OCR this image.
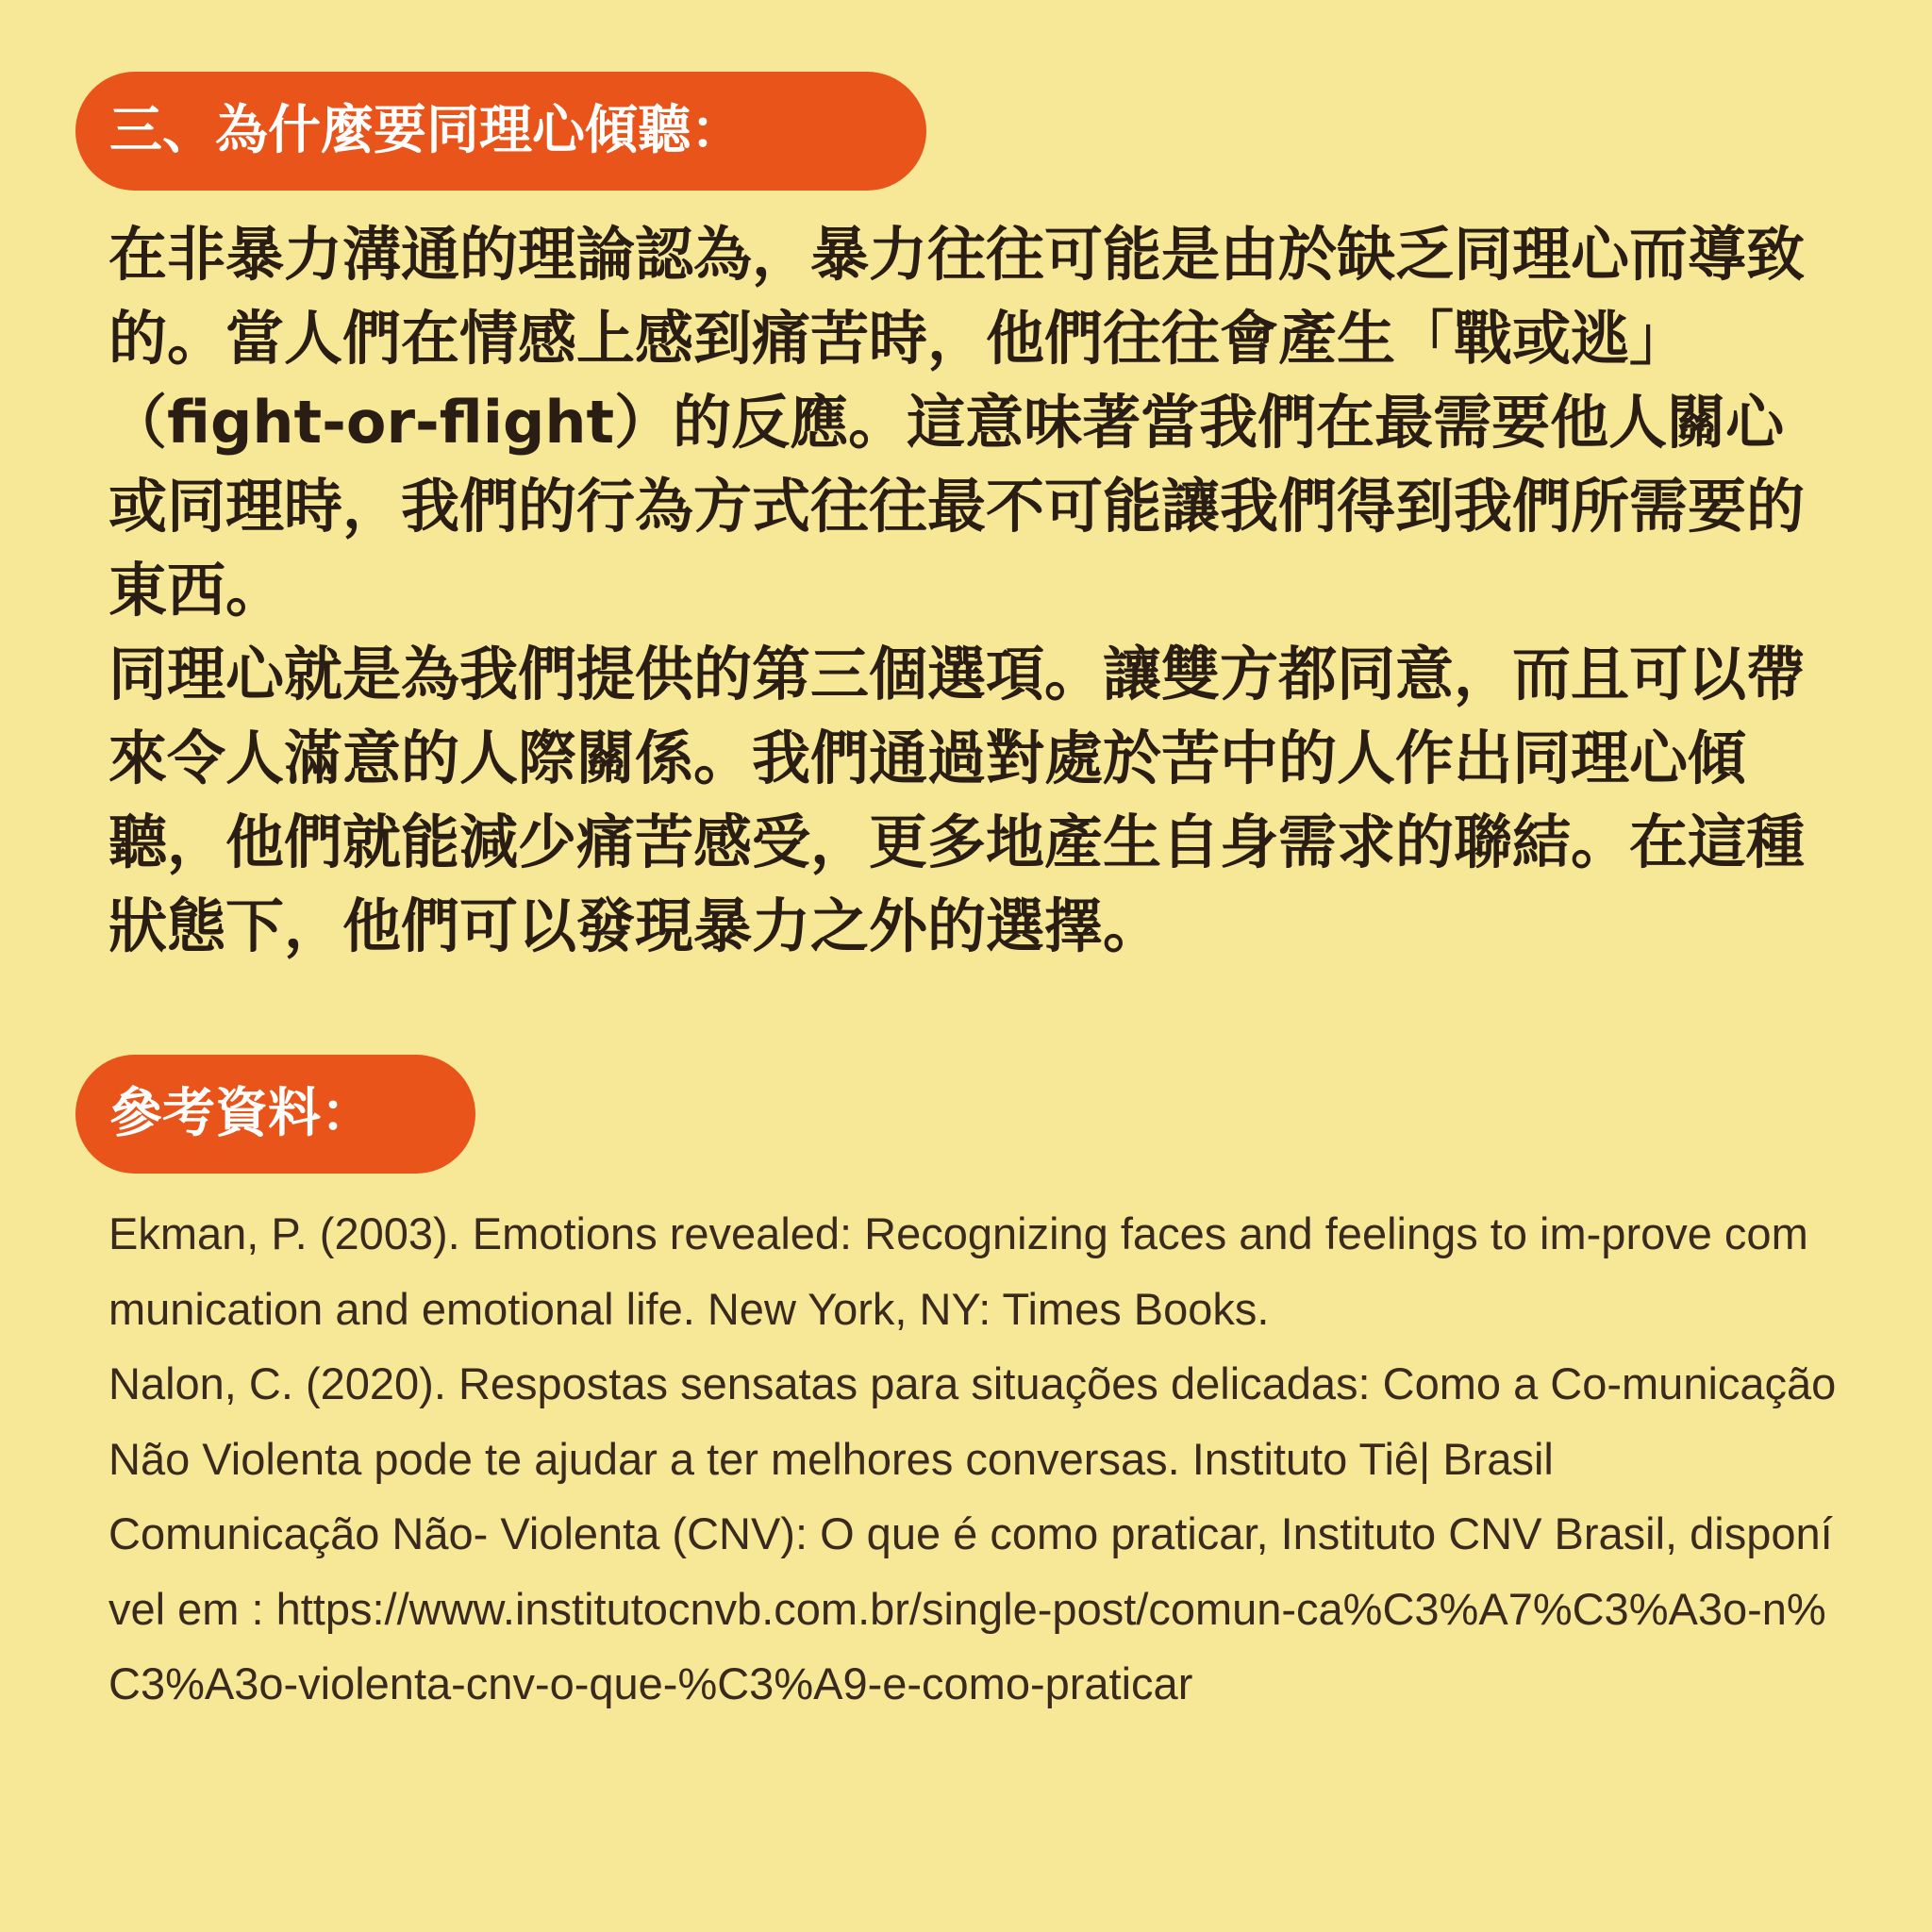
三、為什麼要同理心傾聽：

在非暴力溝通的理論認為，暴力往往可能是由於缺乏同理心而導致的。當人們在情感上感到痛苦時，他們往往會產生「戰或逃」（fight-or-flight）的反應。這意味著當我們在最需要他人關心或同理時，我們的行為方式往往最不可能讓我們得到我們所需要的東西。

同理心就是為我們提供的第三個選項。讓雙方都同意，而且可以帶來令人滿意的人際關係。我們通過對處於苦中的人作出同理心傾聽，他們就能減少痛苦感受，更多地產生自身需求的聯結。在這種狀態下，他們可以發現暴力之外的選擇。

參考資料：

Ekman, P. (2003). Emotions revealed: Recognizing faces and feelings to im-prove communication and emotional life. New York, NY: Times Books.

Nalon, C. (2020). Respostas sensatas para situações delicadas: Como a Co-municação Não Violenta pode te ajudar a ter melhores conversas. Instituto Tiê| Brasil

Comunicação Não- Violenta (CNV): O que é como praticar, Instituto CNV Brasil, disponível em : https://www.institutocnvb.com.br/single-post/comun-ca%C3%A7%C3%A3o-n%C3%A3o-violenta-cnv-o-que-%C3%A9-e-como-praticar
